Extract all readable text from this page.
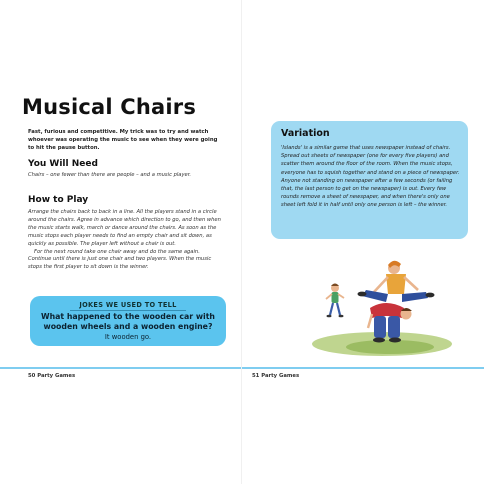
Musical Chairs
Fast, furious and competitive. My trick was to try and watch whoever was operating the music to see when they were going to hit the pause button.
You Will Need
Chairs – one fewer than there are people – and a music player.
How to Play

Arrange the chairs back to back in a line. All the players stand in a circle around the chairs. Agree in advance which direction to go, and then when the music starts walk, march or dance around the chairs. As soon as the music stops each player needs to find an empty chair and sit down, as quickly as possible. The player left without a chair is out.

For the next round take one chair away and do the same again. Continue until there is just one chair and two players. When the music stops the first player to sit down is the winner.

JOKES WE USED TO TELL
What happened to the wooden car with wooden wheels and a wooden engine?
It wooden go.
50 Party Games
Variation
'Islands' is a similar game that uses newspaper instead of chairs. Spread out sheets of newspaper (one for every five players) and scatter them around the floor of the room. When the music stops, everyone has to squish together and stand on a piece of newspaper. Anyone not standing on newspaper after a few seconds (or failing that, the last person to get on the newspaper) is out. Every few rounds remove a sheet of newspaper, and when there's only one sheet left fold it in half until only one person is left – the winner.
51 Party Games
